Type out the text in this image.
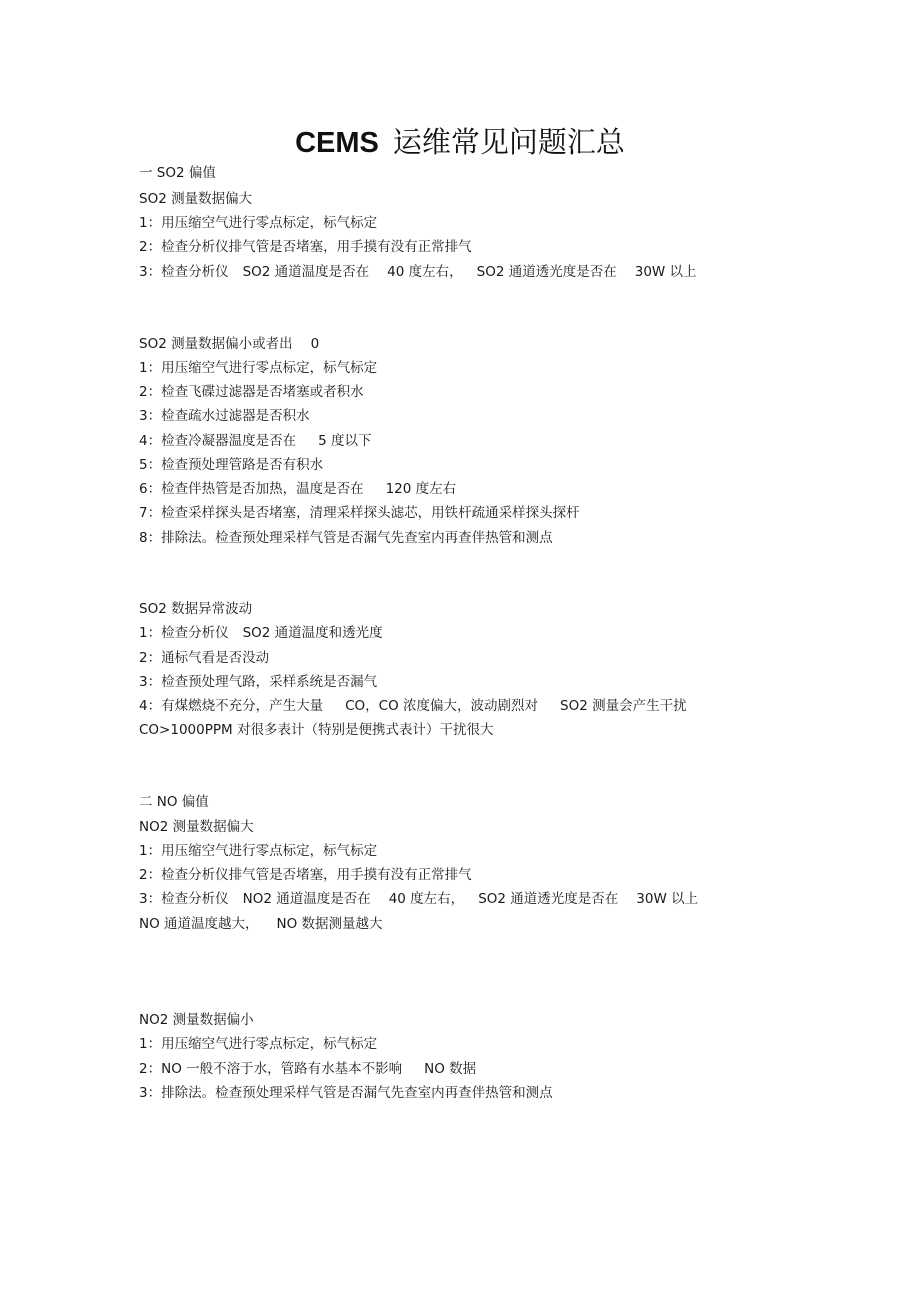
CEMS 运维常见问题汇总
一 SO2 偏值
SO2 测量数据偏大
1：用压缩空气进行零点标定，标气标定
2：检查分析仪排气管是否堵塞，用手摸有没有正常排气
3：检查分析仪 SO2 通道温度是否在 40 度左右， SO2 通道透光度是否在 30W 以上
SO2 测量数据偏小或者出 0
1：用压缩空气进行零点标定，标气标定
2：检查飞碟过滤器是否堵塞或者积水
3：检查疏水过滤器是否积水
4：检查冷凝器温度是否在 5 度以下
5：检查预处理管路是否有积水
6：检查伴热管是否加热，温度是否在 120 度左右
7：检查采样探头是否堵塞，清理采样探头滤芯，用铁杆疏通采样探头探杆
8：排除法。检查预处理采样气管是否漏气先查室内再查伴热管和测点
SO2 数据异常波动
1：检查分析仪 SO2 通道温度和透光度
2：通标气看是否没动
3：检查预处理气路，采样系统是否漏气
4：有煤燃烧不充分，产生大量 CO，CO 浓度偏大，波动剧烈对 SO2 测量会产生干扰
CO>1000PPM 对很多表计（特别是便携式表计）干扰很大
二 NO 偏值
NO2 测量数据偏大
1：用压缩空气进行零点标定，标气标定
2：检查分析仪排气管是否堵塞，用手摸有没有正常排气
3：检查分析仪 NO2 通道温度是否在 40 度左右， SO2 通道透光度是否在 30W 以上
NO 通道温度越大， NO 数据测量越大
NO2 测量数据偏小
1：用压缩空气进行零点标定，标气标定
2：NO 一般不溶于水，管路有水基本不影响 NO 数据
3：排除法。检查预处理采样气管是否漏气先查室内再查伴热管和测点
